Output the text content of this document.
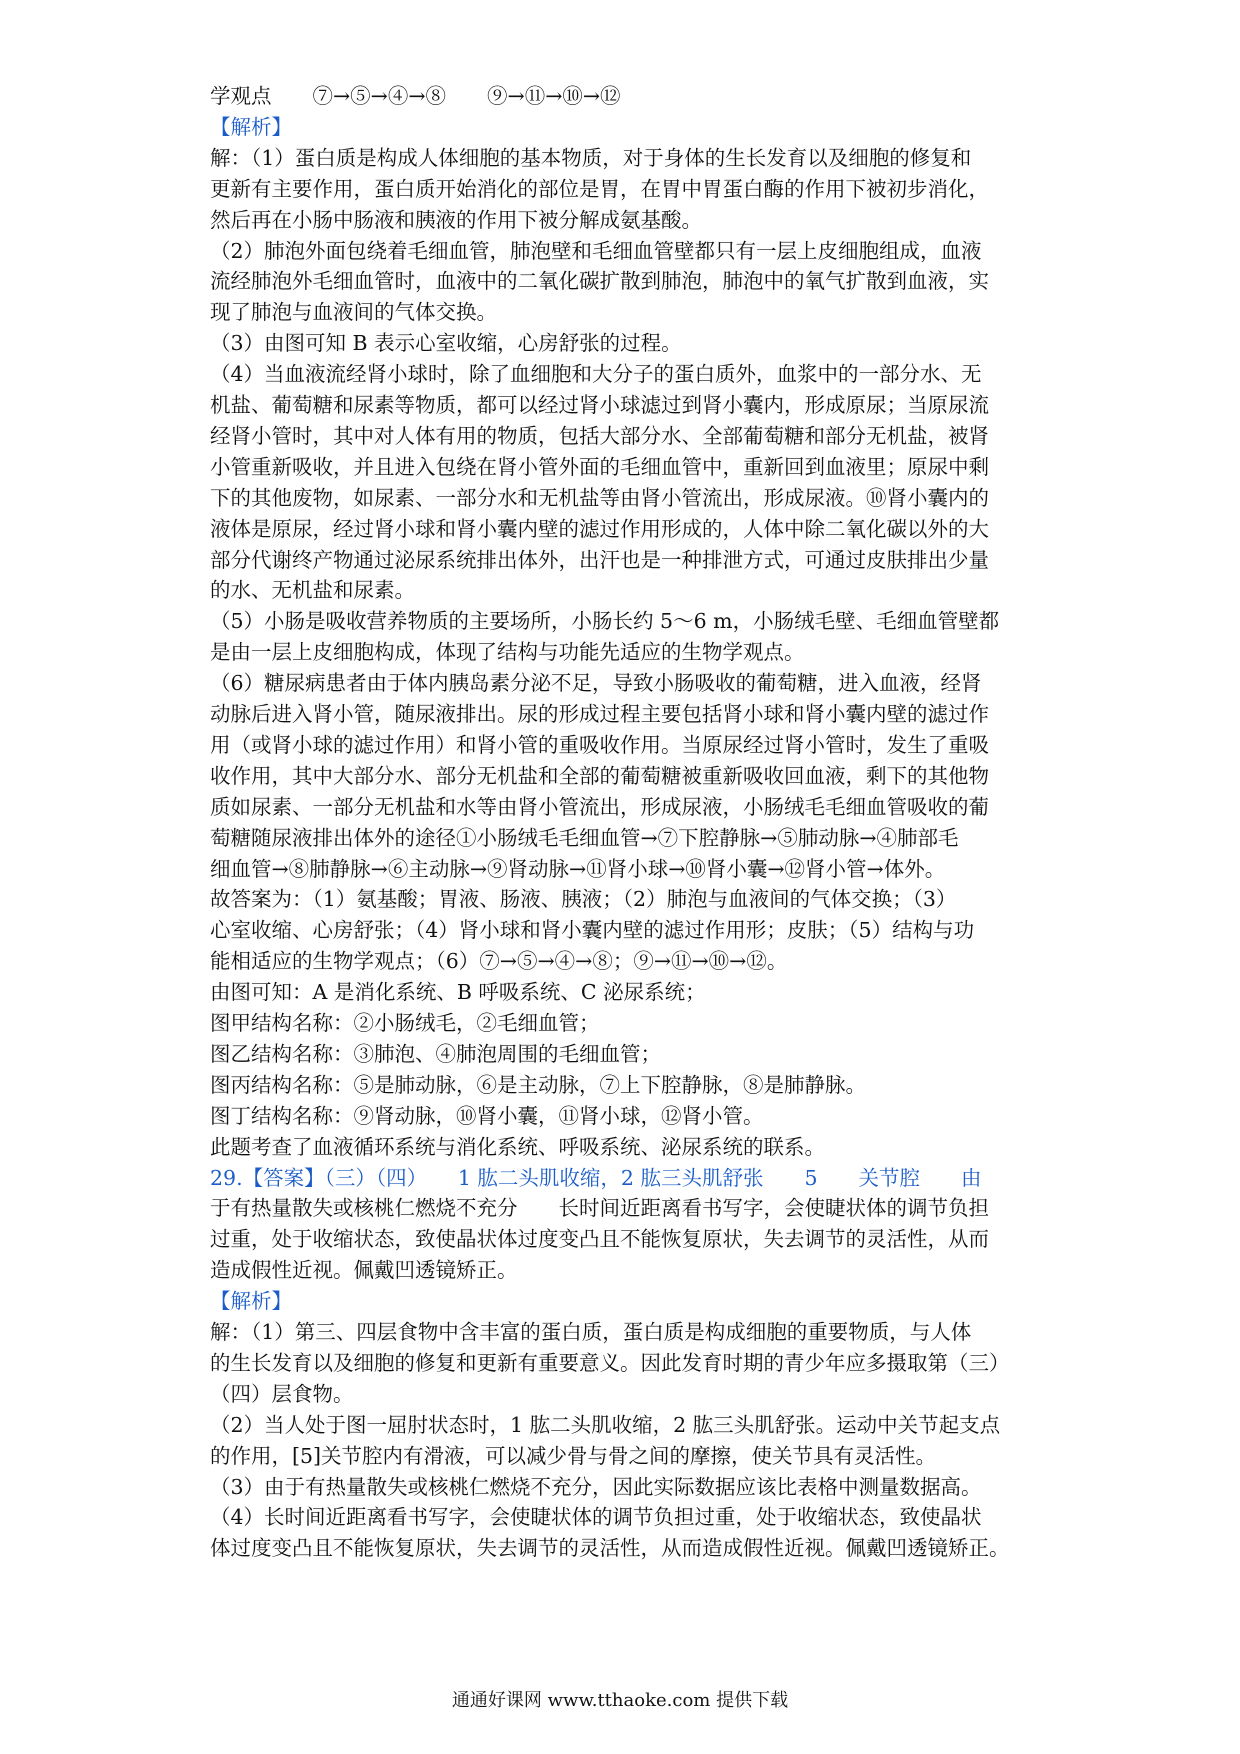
学观点　　⑦→⑤→④→⑧　　⑨→⑪→⑩→⑫
【解析】
解：（1）蛋白质是构成人体细胞的基本物质，对于身体的生长发育以及细胞的修复和
更新有主要作用，蛋白质开始消化的部位是胃，在胃中胃蛋白酶的作用下被初步消化，
然后再在小肠中肠液和胰液的作用下被分解成氨基酸。
（2）肺泡外面包绕着毛细血管，肺泡壁和毛细血管壁都只有一层上皮细胞组成，血液
流经肺泡外毛细血管时，血液中的二氧化碳扩散到肺泡，肺泡中的氧气扩散到血液，实
现了肺泡与血液间的气体交换。
（3）由图可知 B 表示心室收缩，心房舒张的过程。
（4）当血液流经肾小球时，除了血细胞和大分子的蛋白质外，血浆中的一部分水、无
机盐、葡萄糖和尿素等物质，都可以经过肾小球滤过到肾小囊内，形成原尿；当原尿流
经肾小管时，其中对人体有用的物质，包括大部分水、全部葡萄糖和部分无机盐，被肾
小管重新吸收，并且进入包绕在肾小管外面的毛细血管中，重新回到血液里；原尿中剩
下的其他废物，如尿素、一部分水和无机盐等由肾小管流出，形成尿液。⑩肾小囊内的
液体是原尿，经过肾小球和肾小囊内壁的滤过作用形成的，人体中除二氧化碳以外的大
部分代谢终产物通过泌尿系统排出体外，出汗也是一种排泄方式，可通过皮肤排出少量
的水、无机盐和尿素。
（5）小肠是吸收营养物质的主要场所，小肠长约 5～6 m，小肠绒毛壁、毛细血管壁都
是由一层上皮细胞构成，体现了结构与功能先适应的生物学观点。
（6）糖尿病患者由于体内胰岛素分泌不足，导致小肠吸收的葡萄糖，进入血液，经肾
动脉后进入肾小管，随尿液排出。尿的形成过程主要包括肾小球和肾小囊内壁的滤过作
用（或肾小球的滤过作用）和肾小管的重吸收作用。当原尿经过肾小管时，发生了重吸
收作用，其中大部分水、部分无机盐和全部的葡萄糖被重新吸收回血液，剩下的其他物
质如尿素、一部分无机盐和水等由肾小管流出，形成尿液，小肠绒毛毛细血管吸收的葡
萄糖随尿液排出体外的途径①小肠绒毛毛细血管→⑦下腔静脉→⑤肺动脉→④肺部毛
细血管→⑧肺静脉→⑥主动脉→⑨肾动脉→⑪肾小球→⑩肾小囊→⑫肾小管→体外。
故答案为：（1）氨基酸；胃液、肠液、胰液；（2）肺泡与血液间的气体交换；（3）
心室收缩、心房舒张；（4）肾小球和肾小囊内壁的滤过作用形；皮肤；（5）结构与功
能相适应的生物学观点；（6）⑦→⑤→④→⑧；⑨→⑪→⑩→⑫。
由图可知：A 是消化系统、B 呼吸系统、C 泌尿系统；
图甲结构名称：②小肠绒毛，②毛细血管；
图乙结构名称：③肺泡、④肺泡周围的毛细血管；
图丙结构名称：⑤是肺动脉，⑥是主动脉，⑦上下腔静脉，⑧是肺静脉。
图丁结构名称：⑨肾动脉，⑩肾小囊，⑪肾小球，⑫肾小管。
此题考查了血液循环系统与消化系统、呼吸系统、泌尿系统的联系。
29.【答案】（三）（四）　　1 肱二头肌收缩，2 肱三头肌舒张　　5　　关节腔　　由
于有热量散失或核桃仁燃烧不充分　　长时间近距离看书写字，会使睫状体的调节负担
过重，处于收缩状态，致使晶状体过度变凸且不能恢复原状，失去调节的灵活性，从而
造成假性近视。佩戴凹透镜矫正。
【解析】
解：（1）第三、四层食物中含丰富的蛋白质，蛋白质是构成细胞的重要物质，与人体
的生长发育以及细胞的修复和更新有重要意义。因此发育时期的青少年应多摄取第（三）
（四）层食物。
（2）当人处于图一屈肘状态时，1 肱二头肌收缩，2 肱三头肌舒张。运动中关节起支点
的作用，[5]关节腔内有滑液，可以减少骨与骨之间的摩擦，使关节具有灵活性。
（3）由于有热量散失或核桃仁燃烧不充分，因此实际数据应该比表格中测量数据高。
（4）长时间近距离看书写字，会使睫状体的调节负担过重，处于收缩状态，致使晶状
体过度变凸且不能恢复原状，失去调节的灵活性，从而造成假性近视。佩戴凹透镜矫正。
通通好课网 www.tthaoke.com 提供下载
